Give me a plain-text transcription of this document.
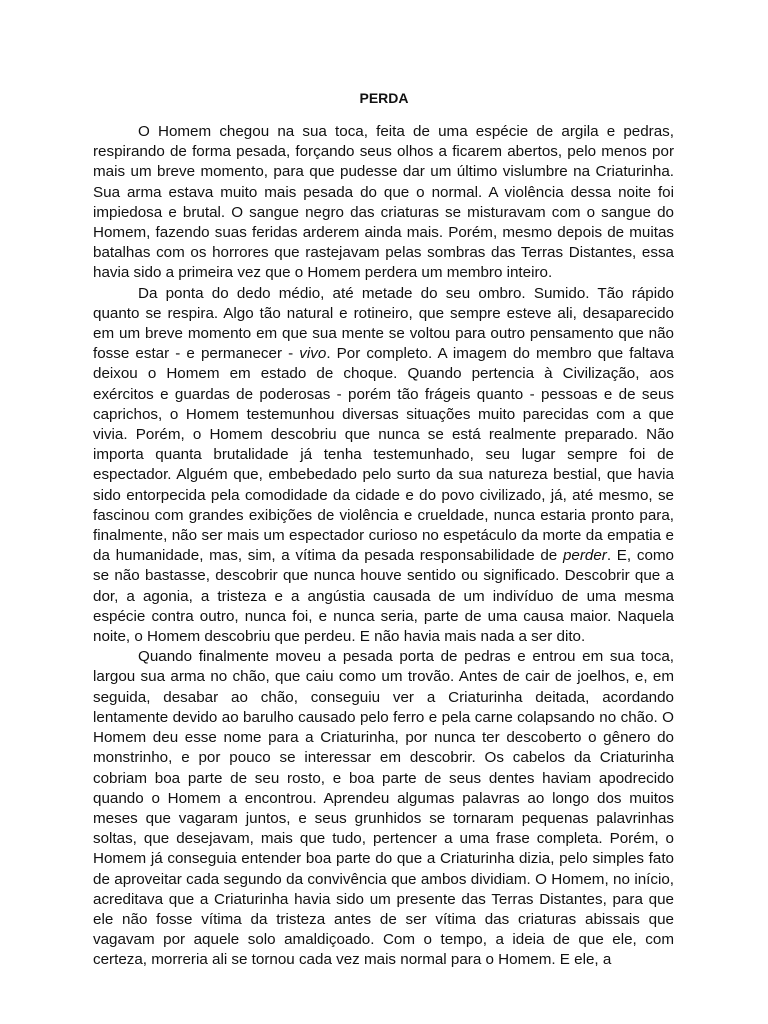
PERDA

O Homem chegou na sua toca, feita de uma espécie de argila e pedras, respirando de forma pesada, forçando seus olhos a ficarem abertos, pelo menos por mais um breve momento, para que pudesse dar um último vislumbre na Criaturinha. Sua arma estava muito mais pesada do que o normal. A violência dessa noite foi impiedosa e brutal. O sangue negro das criaturas se misturavam com o sangue do Homem, fazendo suas feridas arderem ainda mais. Porém, mesmo depois de muitas batalhas com os horrores que rastejavam pelas sombras das Terras Distantes, essa havia sido a primeira vez que o Homem perdera um membro inteiro.

Da ponta do dedo médio, até metade do seu ombro. Sumido. Tão rápido quanto se respira. Algo tão natural e rotineiro, que sempre esteve ali, desaparecido em um breve momento em que sua mente se voltou para outro pensamento que não fosse estar - e permanecer - vivo. Por completo. A imagem do membro que faltava deixou o Homem em estado de choque. Quando pertencia à Civilização, aos exércitos e guardas de poderosas - porém tão frágeis quanto - pessoas e de seus caprichos, o Homem testemunhou diversas situações muito parecidas com a que vivia. Porém, o Homem descobriu que nunca se está realmente preparado. Não importa quanta brutalidade já tenha testemunhado, seu lugar sempre foi de espectador. Alguém que, embebedado pelo surto da sua natureza bestial, que havia sido entorpecida pela comodidade da cidade e do povo civilizado, já, até mesmo, se fascinou com grandes exibições de violência e crueldade, nunca estaria pronto para, finalmente, não ser mais um espectador curioso no espetáculo da morte da empatia e da humanidade, mas, sim, a vítima da pesada responsabilidade de perder. E, como se não bastasse, descobrir que nunca houve sentido ou significado. Descobrir que a dor, a agonia, a tristeza e a angústia causada de um indivíduo de uma mesma espécie contra outro, nunca foi, e nunca seria, parte de uma causa maior. Naquela noite, o Homem descobriu que perdeu. E não havia mais nada a ser dito.

Quando finalmente moveu a pesada porta de pedras e entrou em sua toca, largou sua arma no chão, que caiu como um trovão. Antes de cair de joelhos, e, em seguida, desabar ao chão, conseguiu ver a Criaturinha deitada, acordando lentamente devido ao barulho causado pelo ferro e pela carne colapsando no chão. O Homem deu esse nome para a Criaturinha, por nunca ter descoberto o gênero do monstrinho, e por pouco se interessar em descobrir. Os cabelos da Criaturinha cobriam boa parte de seu rosto, e boa parte de seus dentes haviam apodrecido quando o Homem a encontrou. Aprendeu algumas palavras ao longo dos muitos meses que vagaram juntos, e seus grunhidos se tornaram pequenas palavrinhas soltas, que desejavam, mais que tudo, pertencer a uma frase completa. Porém, o Homem já conseguia entender boa parte do que a Criaturinha dizia, pelo simples fato de aproveitar cada segundo da convivência que ambos dividiam. O Homem, no início, acreditava que a Criaturinha havia sido um presente das Terras Distantes, para que ele não fosse vítima da tristeza antes de ser vítima das criaturas abissais que vagavam por aquele solo amaldiçoado. Com o tempo, a ideia de que ele, com certeza, morreria ali se tornou cada vez mais normal para o Homem. E ele, a
